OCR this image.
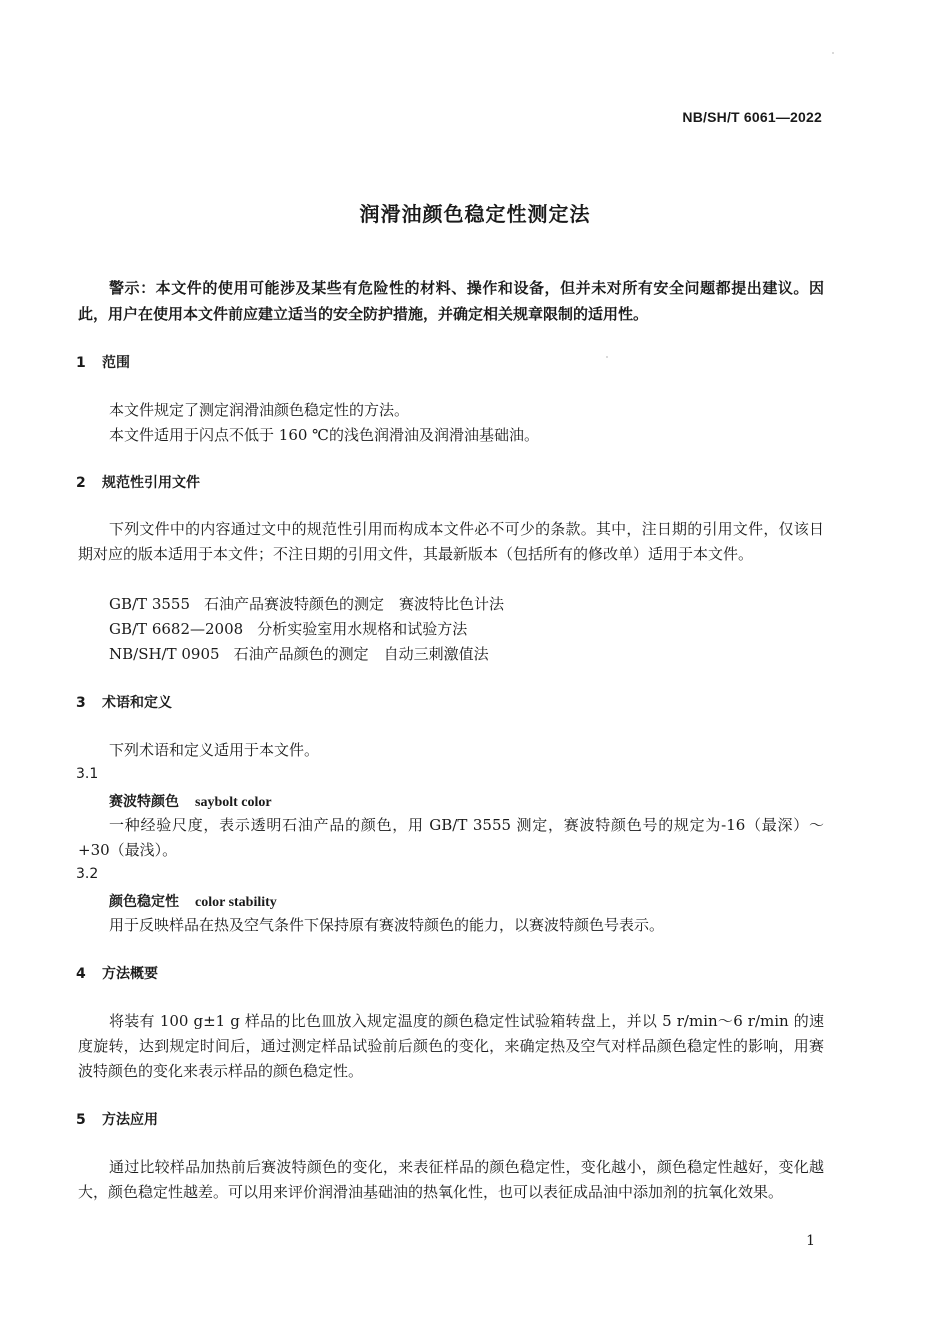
NB/SH/T 6061—2022
润滑油颜色稳定性测定法
警示：本文件的使用可能涉及某些有危险性的材料、操作和设备，但并未对所有安全问题都提出建议。因此，用户在使用本文件前应建立适当的安全防护措施，并确定相关规章限制的适用性。
1 范围
本文件规定了测定润滑油颜色稳定性的方法。
本文件适用于闪点不低于 160 ℃的浅色润滑油及润滑油基础油。
2 规范性引用文件
下列文件中的内容通过文中的规范性引用而构成本文件必不可少的条款。其中，注日期的引用文件，仅该日期对应的版本适用于本文件；不注日期的引用文件，其最新版本（包括所有的修改单）适用于本文件。
GB/T 3555 石油产品赛波特颜色的测定　赛波特比色计法
GB/T 6682—2008 分析实验室用水规格和试验方法
NB/SH/T 0905 石油产品颜色的测定　自动三刺激值法
3 术语和定义
下列术语和定义适用于本文件。
3.1
赛波特颜色 saybolt color
一种经验尺度，表示透明石油产品的颜色，用 GB/T 3555 测定，赛波特颜色号的规定为-16（最深）～+30（最浅）。
3.2
颜色稳定性 color stability
用于反映样品在热及空气条件下保持原有赛波特颜色的能力，以赛波特颜色号表示。
4 方法概要
将装有 100 g±1 g 样品的比色皿放入规定温度的颜色稳定性试验箱转盘上，并以 5 r/min～6 r/min 的速度旋转，达到规定时间后，通过测定样品试验前后颜色的变化，来确定热及空气对样品颜色稳定性的影响，用赛波特颜色的变化来表示样品的颜色稳定性。
5 方法应用
通过比较样品加热前后赛波特颜色的变化，来表征样品的颜色稳定性，变化越小，颜色稳定性越好，变化越大，颜色稳定性越差。可以用来评价润滑油基础油的热氧化性，也可以表征成品油中添加剂的抗氧化效果。
1
